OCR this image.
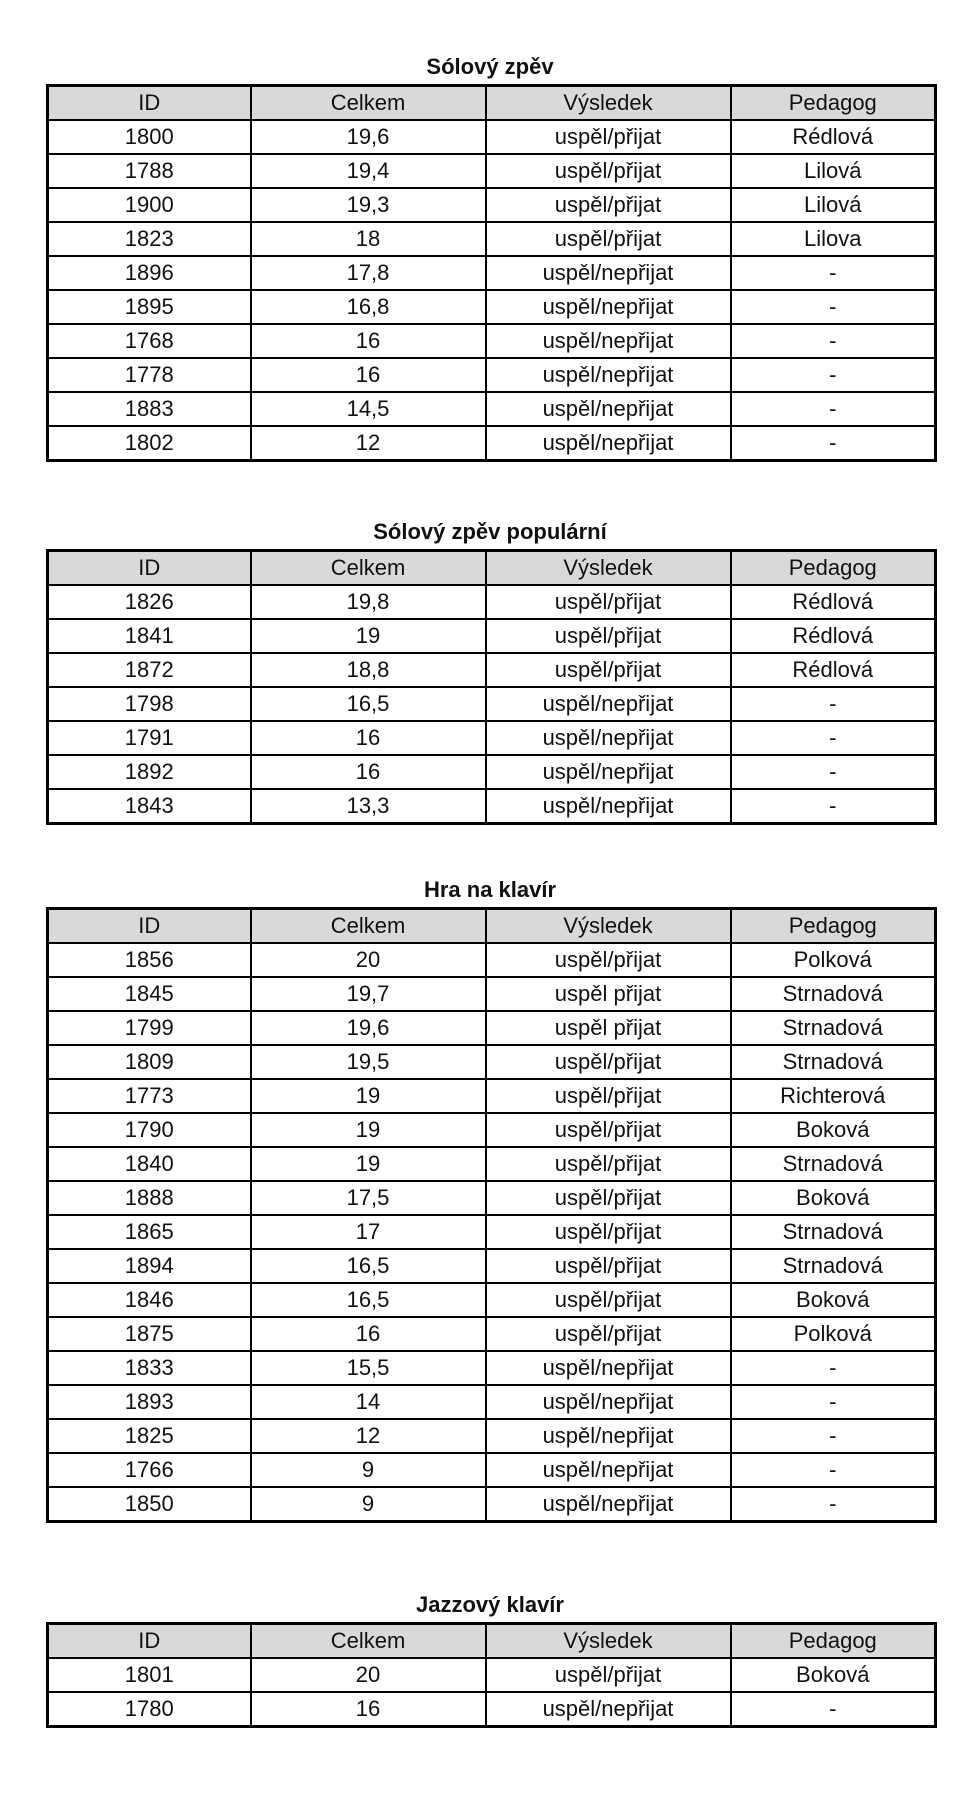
Sólový zpěv
ID	Celkem	Výsledek	Pedagog
1800	19,6	uspěl/přijat	Rédlová
1788	19,4	uspěl/přijat	Lilová
1900	19,3	uspěl/přijat	Lilová
1823	18	uspěl/přijat	Lilova
1896	17,8	uspěl/nepřijat	-
1895	16,8	uspěl/nepřijat	-
1768	16	uspěl/nepřijat	-
1778	16	uspěl/nepřijat	-
1883	14,5	uspěl/nepřijat	-
1802	12	uspěl/nepřijat	-
Sólový zpěv populární
ID	Celkem	Výsledek	Pedagog
1826	19,8	uspěl/přijat	Rédlová
1841	19	uspěl/přijat	Rédlová
1872	18,8	uspěl/přijat	Rédlová
1798	16,5	uspěl/nepřijat	-
1791	16	uspěl/nepřijat	-
1892	16	uspěl/nepřijat	-
1843	13,3	uspěl/nepřijat	-
Hra na klavír
ID	Celkem	Výsledek	Pedagog
1856	20	uspěl/přijat	Polková
1845	19,7	uspěl přijat	Strnadová
1799	19,6	uspěl přijat	Strnadová
1809	19,5	uspěl/přijat	Strnadová
1773	19	uspěl/přijat	Richterová
1790	19	uspěl/přijat	Boková
1840	19	uspěl/přijat	Strnadová
1888	17,5	uspěl/přijat	Boková
1865	17	uspěl/přijat	Strnadová
1894	16,5	uspěl/přijat	Strnadová
1846	16,5	uspěl/přijat	Boková
1875	16	uspěl/přijat	Polková
1833	15,5	uspěl/nepřijat	-
1893	14	uspěl/nepřijat	-
1825	12	uspěl/nepřijat	-
1766	9	uspěl/nepřijat	-
1850	9	uspěl/nepřijat	-
Jazzový klavír
ID	Celkem	Výsledek	Pedagog
1801	20	uspěl/přijat	Boková
1780	16	uspěl/nepřijat	-
